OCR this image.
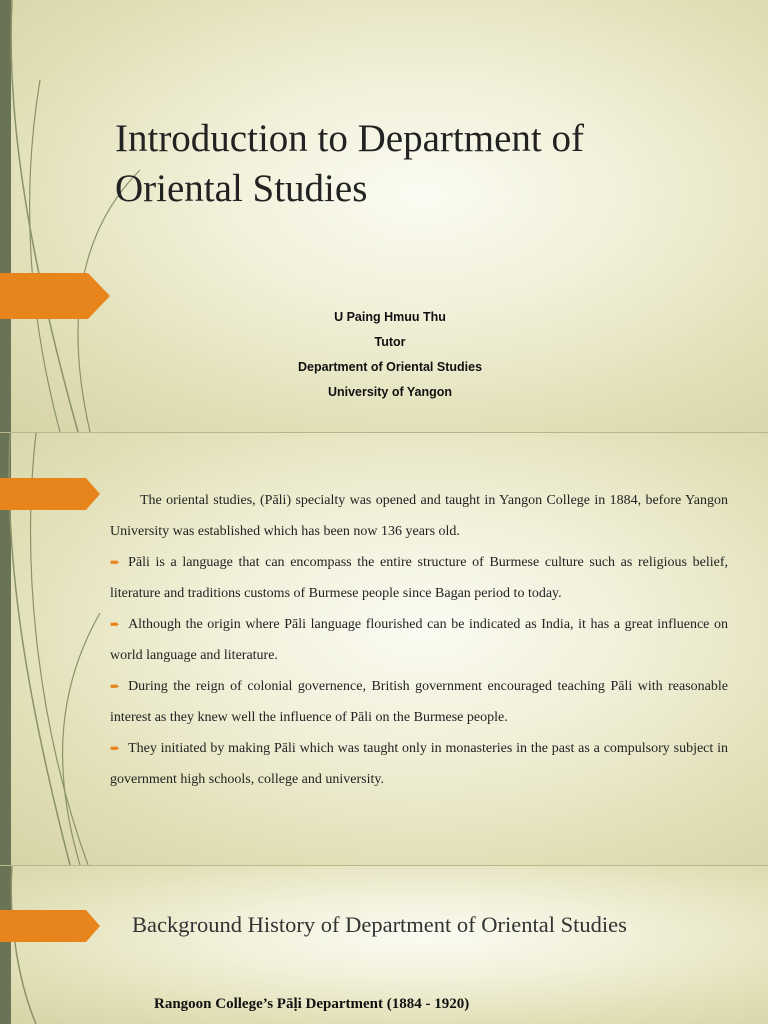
Introduction to Department of Oriental Studies
U Paing Hmuu Thu
Tutor
Department of Oriental Studies
University of Yangon

The oriental studies, (Pāli) specialty was opened and taught in Yangon College in 1884, before Yangon University was established which has been now 136 years old.

➨ Pāli is a language that can encompass the entire structure of Burmese culture such as religious belief, literature and traditions customs of Burmese people since Bagan period to today.

➨ Although the origin where Pāli language flourished can be indicated as India, it has a great influence on world language and literature.

➨ During the reign of colonial governence, British government encouraged teaching Pāli with reasonable interest as they knew well the influence of Pāli on the Burmese people.

➨ They initiated by making Pāli which was taught only in monasteries in the past as a compulsory subject in government high schools, college and university.

Background History of Department of Oriental Studies
Rangoon College’s Pāḷi Department (1884 - 1920)
